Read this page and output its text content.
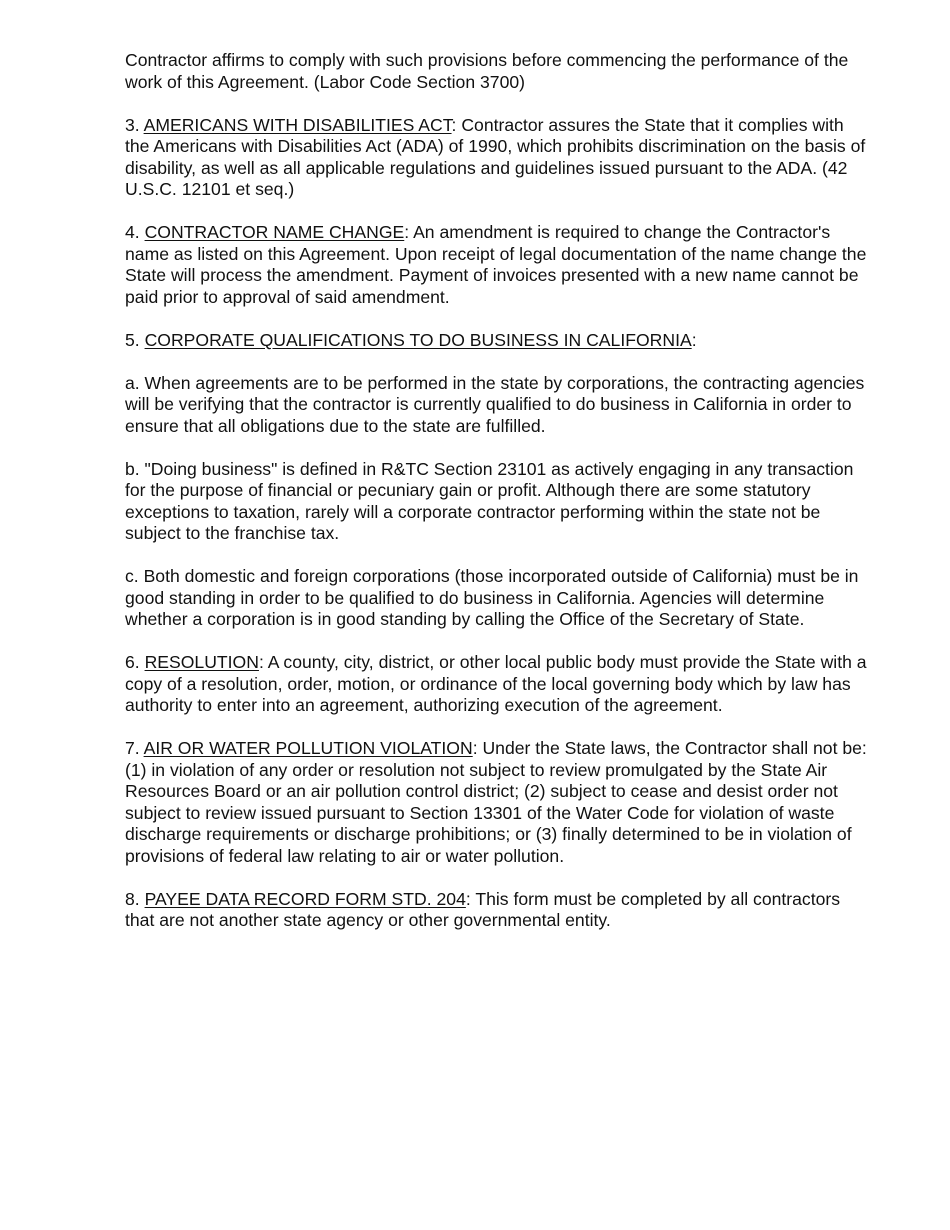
Contractor affirms to comply with such provisions before commencing the performance of the work of this Agreement. (Labor Code Section 3700)

3. AMERICANS WITH DISABILITIES ACT: Contractor assures the State that it complies with the Americans with Disabilities Act (ADA) of 1990, which prohibits discrimination on the basis of disability, as well as all applicable regulations and guidelines issued pursuant to the ADA. (42 U.S.C. 12101 et seq.)

4. CONTRACTOR NAME CHANGE: An amendment is required to change the Contractor's name as listed on this Agreement. Upon receipt of legal documentation of the name change the State will process the amendment. Payment of invoices presented with a new name cannot be paid prior to approval of said amendment.

5. CORPORATE QUALIFICATIONS TO DO BUSINESS IN CALIFORNIA:

a. When agreements are to be performed in the state by corporations, the contracting agencies will be verifying that the contractor is currently qualified to do business in California in order to ensure that all obligations due to the state are fulfilled.

b. "Doing business" is defined in R&TC Section 23101 as actively engaging in any transaction for the purpose of financial or pecuniary gain or profit. Although there are some statutory exceptions to taxation, rarely will a corporate contractor performing within the state not be subject to the franchise tax.

c. Both domestic and foreign corporations (those incorporated outside of California) must be in good standing in order to be qualified to do business in California. Agencies will determine whether a corporation is in good standing by calling the Office of the Secretary of State.

6. RESOLUTION: A county, city, district, or other local public body must provide the State with a copy of a resolution, order, motion, or ordinance of the local governing body which by law has authority to enter into an agreement, authorizing execution of the agreement.

7. AIR OR WATER POLLUTION VIOLATION: Under the State laws, the Contractor shall not be: (1) in violation of any order or resolution not subject to review promulgated by the State Air Resources Board or an air pollution control district; (2) subject to cease and desist order not subject to review issued pursuant to Section 13301 of the Water Code for violation of waste discharge requirements or discharge prohibitions; or (3) finally determined to be in violation of provisions of federal law relating to air or water pollution.

8. PAYEE DATA RECORD FORM STD. 204: This form must be completed by all contractors that are not another state agency or other governmental entity.
